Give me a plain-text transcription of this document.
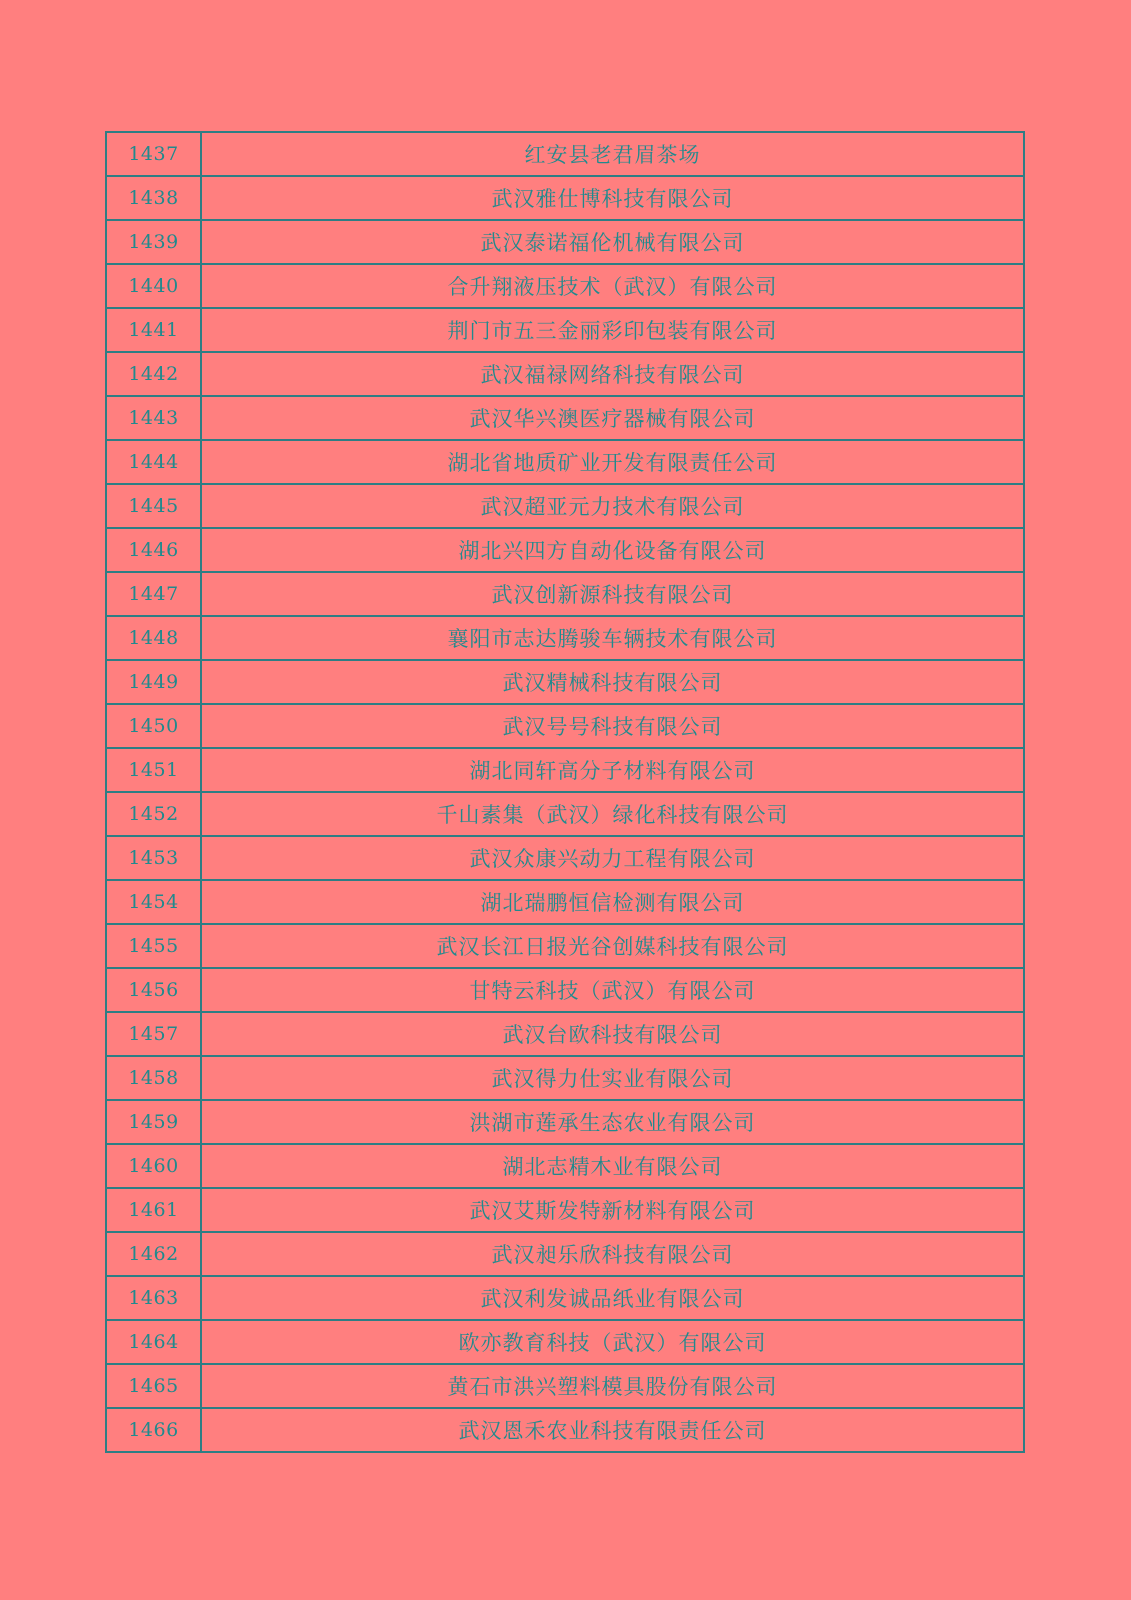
1437	红安县老君眉茶场
1438	武汉雅仕博科技有限公司
1439	武汉泰诺福伦机械有限公司
1440	合升翔液压技术（武汉）有限公司
1441	荆门市五三金丽彩印包装有限公司
1442	武汉福禄网络科技有限公司
1443	武汉华兴澳医疗器械有限公司
1444	湖北省地质矿业开发有限责任公司
1445	武汉超亚元力技术有限公司
1446	湖北兴四方自动化设备有限公司
1447	武汉创新源科技有限公司
1448	襄阳市志达腾骏车辆技术有限公司
1449	武汉精械科技有限公司
1450	武汉号号科技有限公司
1451	湖北同轩高分子材料有限公司
1452	千山素集（武汉）绿化科技有限公司
1453	武汉众康兴动力工程有限公司
1454	湖北瑞鹏恒信检测有限公司
1455	武汉长江日报光谷创媒科技有限公司
1456	甘特云科技（武汉）有限公司
1457	武汉台欧科技有限公司
1458	武汉得力仕实业有限公司
1459	洪湖市莲承生态农业有限公司
1460	湖北志精木业有限公司
1461	武汉艾斯发特新材料有限公司
1462	武汉昶乐欣科技有限公司
1463	武汉利发诚品纸业有限公司
1464	欧亦教育科技（武汉）有限公司
1465	黄石市洪兴塑料模具股份有限公司
1466	武汉恩禾农业科技有限责任公司
